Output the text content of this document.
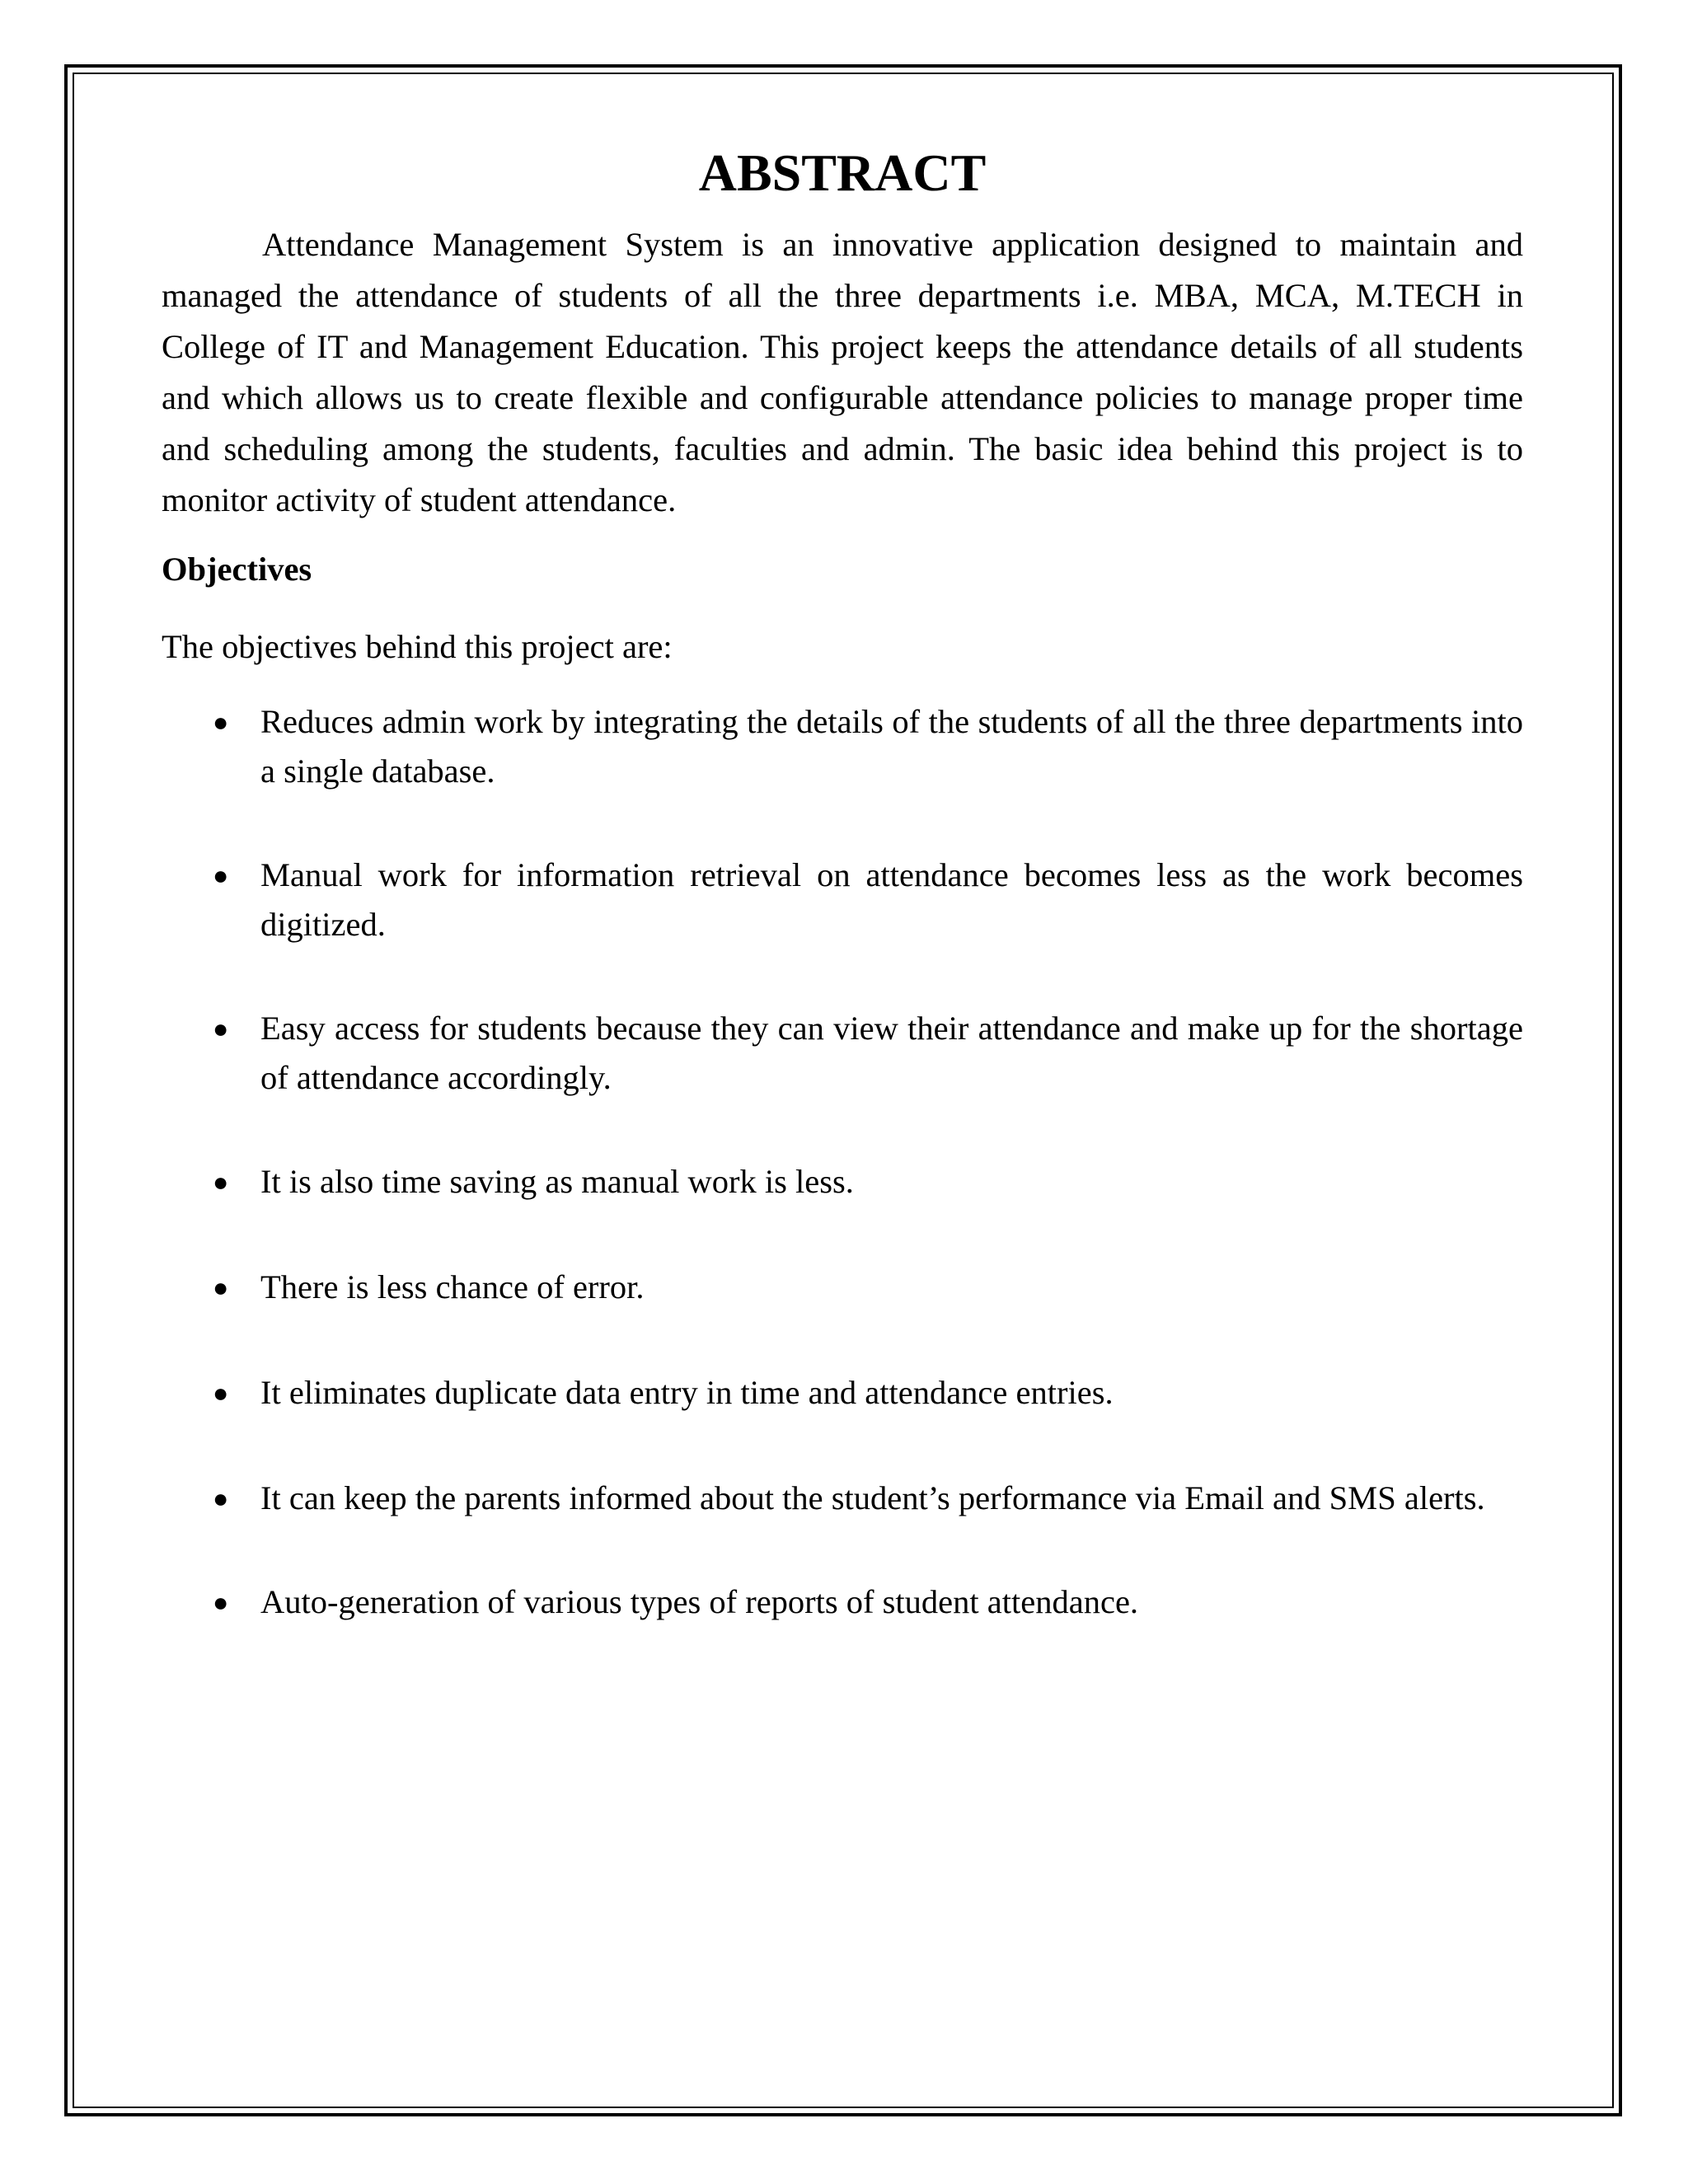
ABSTRACT

Attendance Management System is an innovative application designed to maintain and managed the attendance of students of all the three departments i.e. MBA, MCA, M.TECH in College of IT and Management Education. This project keeps the attendance details of all students and which allows us to create flexible and configurable attendance policies to manage proper time and scheduling among the students, faculties and admin. The basic idea behind this project is to monitor activity of student attendance.

Objectives
The objectives behind this project are:
● Reduces admin work by integrating the details of the students of all the three departments into a single database.
● Manual work for information retrieval on attendance becomes less as the work becomes digitized.
● Easy access for students because they can view their attendance and make up for the shortage of attendance accordingly.
● It is also time saving as manual work is less.
● There is less chance of error.
● It eliminates duplicate data entry in time and attendance entries.
● It can keep the parents informed about the student’s performance via Email and SMS alerts.
● Auto-generation of various types of reports of student attendance.
